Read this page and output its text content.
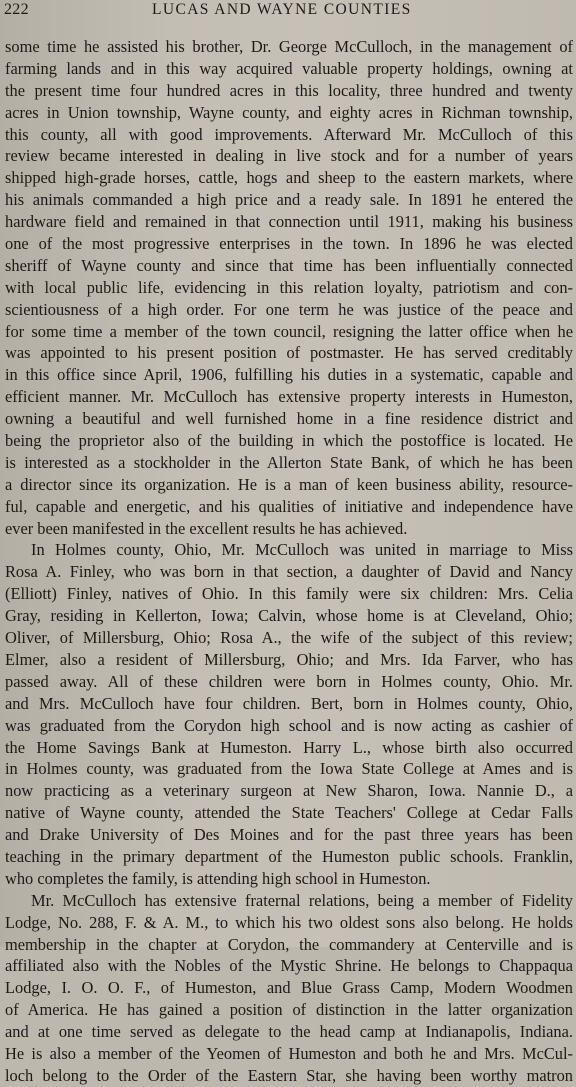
222	LUCAS AND WAYNE COUNTIES
some time he assisted his brother, Dr. George McCulloch, in the management of
farming lands and in this way acquired valuable property holdings, owning at
the present time four hundred acres in this locality, three hundred and twenty
acres in Union township, Wayne county, and eighty acres in Richman township,
this county, all with good improvements. Afterward Mr. McCulloch of this
review became interested in dealing in live stock and for a number of years
shipped high-grade horses, cattle, hogs and sheep to the eastern markets, where
his animals commanded a high price and a ready sale. In 1891 he entered the
hardware field and remained in that connection until 1911, making his business
one of the most progressive enterprises in the town. In 1896 he was elected
sheriff of Wayne county and since that time has been influentially connected
with local public life, evidencing in this relation loyalty, patriotism and con-
scientiousness of a high order. For one term he was justice of the peace and
for some time a member of the town council, resigning the latter office when he
was appointed to his present position of postmaster. He has served creditably
in this office since April, 1906, fulfilling his duties in a systematic, capable and
efficient manner. Mr. McCulloch has extensive property interests in Humeston,
owning a beautiful and well furnished home in a fine residence district and
being the proprietor also of the building in which the postoffice is located. He
is interested as a stockholder in the Allerton State Bank, of which he has been
a director since its organization. He is a man of keen business ability, resource-
ful, capable and energetic, and his qualities of initiative and independence have
ever been manifested in the excellent results he has achieved.
In Holmes county, Ohio, Mr. McCulloch was united in marriage to Miss
Rosa A. Finley, who was born in that section, a daughter of David and Nancy
(Elliott) Finley, natives of Ohio. In this family were six children: Mrs. Celia
Gray, residing in Kellerton, Iowa; Calvin, whose home is at Cleveland, Ohio;
Oliver, of Millersburg, Ohio; Rosa A., the wife of the subject of this review;
Elmer, also a resident of Millersburg, Ohio; and Mrs. Ida Farver, who has
passed away. All of these children were born in Holmes county, Ohio. Mr.
and Mrs. McCulloch have four children. Bert, born in Holmes county, Ohio,
was graduated from the Corydon high school and is now acting as cashier of
the Home Savings Bank at Humeston. Harry L., whose birth also occurred
in Holmes county, was graduated from the Iowa State College at Ames and is
now practicing as a veterinary surgeon at New Sharon, Iowa. Nannie D., a
native of Wayne county, attended the State Teachers' College at Cedar Falls
and Drake University of Des Moines and for the past three years has been
teaching in the primary department of the Humeston public schools. Franklin,
who completes the family, is attending high school in Humeston.
Mr. McCulloch has extensive fraternal relations, being a member of Fidelity
Lodge, No. 288, F. & A. M., to which his two oldest sons also belong. He holds
membership in the chapter at Corydon, the commandery at Centerville and is
affiliated also with the Nobles of the Mystic Shrine. He belongs to Chappaqua
Lodge, I. O. O. F., of Humeston, and Blue Grass Camp, Modern Woodmen
of America. He has gained a position of distinction in the latter organization
and at one time served as delegate to the head camp at Indianapolis, Indiana.
He is also a member of the Yeomen of Humeston and both he and Mrs. McCul-
loch belong to the Order of the Eastern Star, she having been worthy matron
